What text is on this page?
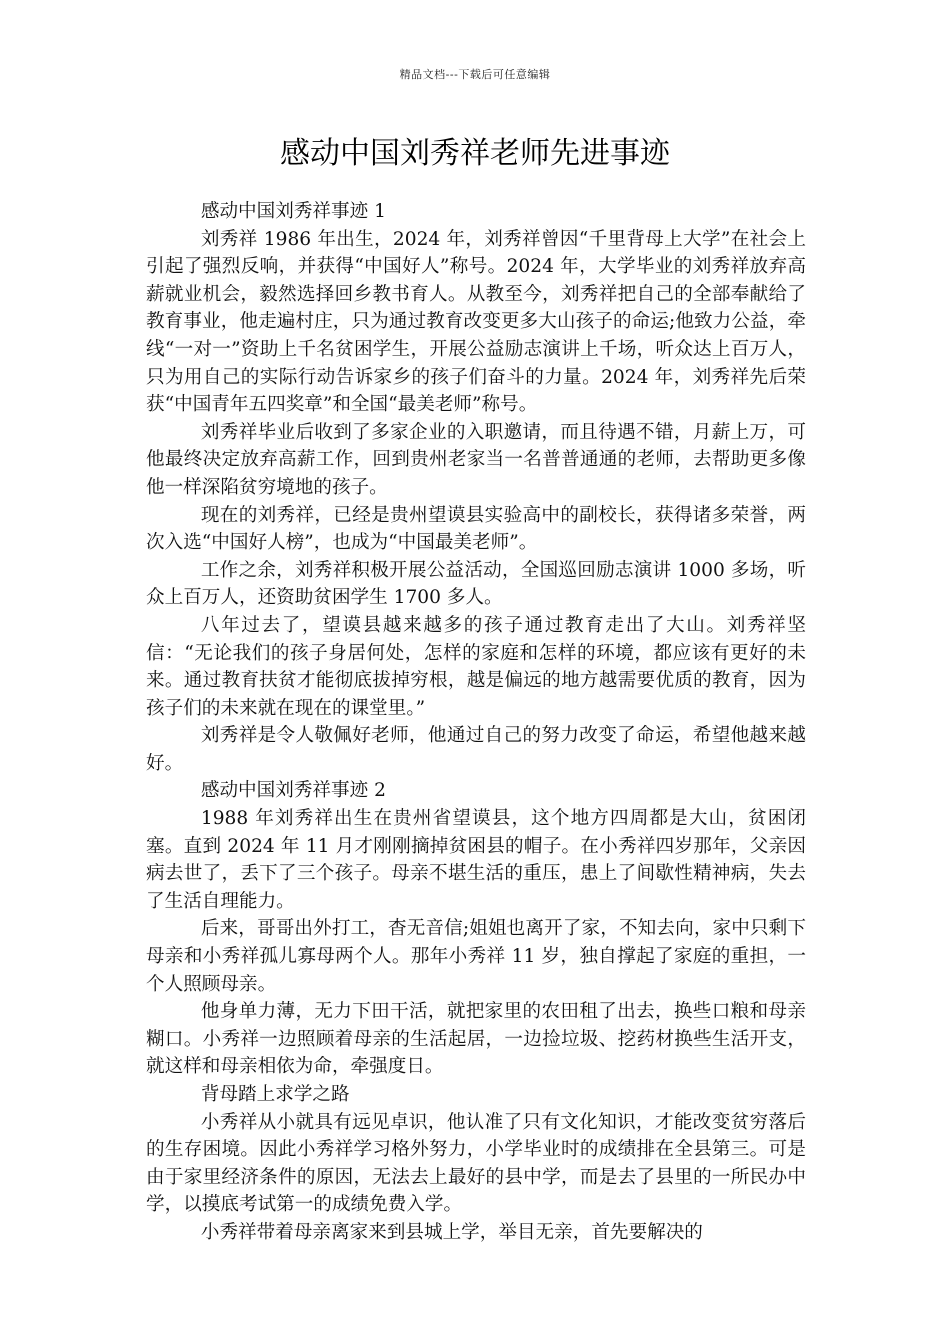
精品文档---下载后可任意编辑
感动中国刘秀祥老师先进事迹

感动中国刘秀祥事迹 1

刘秀祥 1986 年出生，2024 年，刘秀祥曾因“千里背母上大学”在社会上引起了强烈反响，并获得“中国好人”称号。2024 年，大学毕业的刘秀祥放弃高薪就业机会，毅然选择回乡教书育人。从教至今，刘秀祥把自己的全部奉献给了教育事业，他走遍村庄，只为通过教育改变更多大山孩子的命运;他致力公益，牵线“一对一”资助上千名贫困学生，开展公益励志演讲上千场，听众达上百万人，只为用自己的实际行动告诉家乡的孩子们奋斗的力量。2024 年，刘秀祥先后荣获“中国青年五四奖章”和全国“最美老师”称号。

刘秀祥毕业后收到了多家企业的入职邀请，而且待遇不错，月薪上万，可他最终决定放弃高薪工作，回到贵州老家当一名普普通通的老师，去帮助更多像他一样深陷贫穷境地的孩子。

现在的刘秀祥，已经是贵州望谟县实验高中的副校长，获得诸多荣誉，两次入选“中国好人榜”，也成为“中国最美老师”。

工作之余，刘秀祥积极开展公益活动，全国巡回励志演讲 1000 多场，听众上百万人，还资助贫困学生 1700 多人。

八年过去了，望谟县越来越多的孩子通过教育走出了大山。刘秀祥坚信：“无论我们的孩子身居何处，怎样的家庭和怎样的环境，都应该有更好的未来。通过教育扶贫才能彻底拔掉穷根，越是偏远的地方越需要优质的教育，因为孩子们的未来就在现在的课堂里。”

刘秀祥是令人敬佩好老师，他通过自己的努力改变了命运，希望他越来越好。

感动中国刘秀祥事迹 2

1988 年刘秀祥出生在贵州省望谟县，这个地方四周都是大山，贫困闭塞。直到 2024 年 11 月才刚刚摘掉贫困县的帽子。在小秀祥四岁那年，父亲因病去世了，丢下了三个孩子。母亲不堪生活的重压，患上了间歇性精神病，失去了生活自理能力。

后来，哥哥出外打工，杳无音信;姐姐也离开了家，不知去向，家中只剩下母亲和小秀祥孤儿寡母两个人。那年小秀祥 11 岁，独自撑起了家庭的重担，一个人照顾母亲。

他身单力薄，无力下田干活，就把家里的农田租了出去，换些口粮和母亲糊口。小秀祥一边照顾着母亲的生活起居，一边捡垃圾、挖药材换些生活开支，就这样和母亲相依为命，牵强度日。

背母踏上求学之路

小秀祥从小就具有远见卓识，他认准了只有文化知识，才能改变贫穷落后的生存困境。因此小秀祥学习格外努力，小学毕业时的成绩排在全县第三。可是由于家里经济条件的原因，无法去上最好的县中学，而是去了县里的一所民办中学，以摸底考试第一的成绩免费入学。

小秀祥带着母亲离家来到县城上学，举目无亲，首先要解决的
